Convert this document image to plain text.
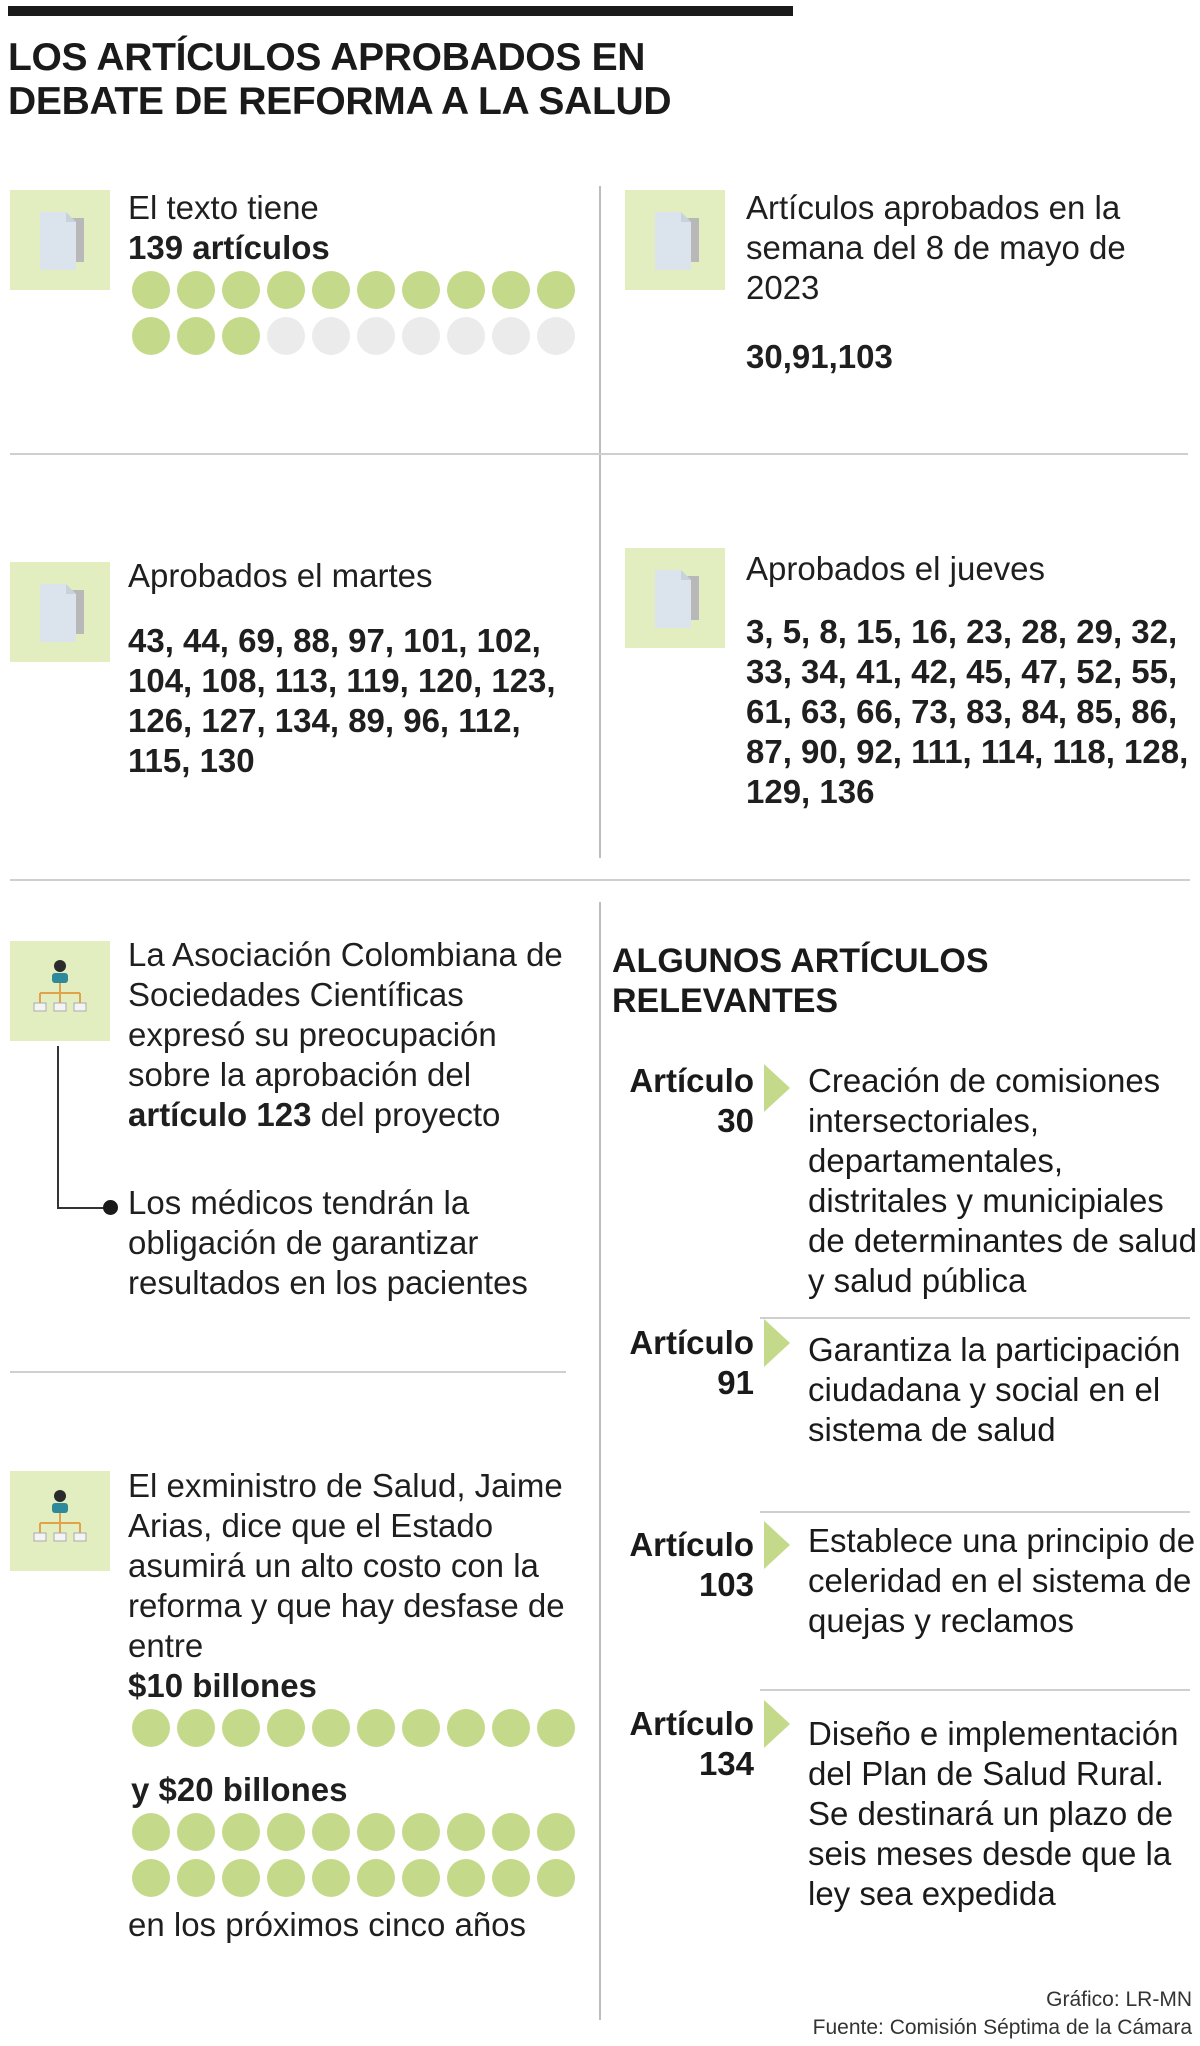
LOS ARTÍCULOS APROBADOS EN DEBATE DE REFORMA A LA SALUD
El texto tiene
139 artículos
Artículos aprobados en la semana del 8 de mayo de 2023
30,91,103
Aprobados el martes
43, 44, 69, 88, 97, 101, 102, 104, 108, 113, 119, 120, 123, 126, 127, 134, 89, 96, 112, 115, 130
Aprobados el jueves
3, 5, 8, 15, 16, 23, 28, 29, 32, 33, 34, 41, 42, 45, 47, 52, 55, 61, 63, 66, 73, 83, 84, 85, 86, 87, 90, 92, 111, 114, 118, 128, 129, 136
La Asociación Colombiana de Sociedades Científicas expresó su preocupación sobre la aprobación del artículo 123 del proyecto
Los médicos tendrán la obligación de garantizar resultados en los pacientes
El exministro de Salud, Jaime Arias, dice que el Estado asumirá un alto costo con la reforma y que hay desfase de entre
$10 billones
y $20 billones
en los próximos cinco años
ALGUNOS ARTÍCULOS RELEVANTES
Artículo
30
Creación de comisiones intersectoriales, departamentales, distritales y municipiales de determinantes de salud y salud pública
Artículo
91
Garantiza la participación ciudadana y social en el sistema de salud
Artículo
103
Establece una principio de celeridad en el sistema de quejas y reclamos
Artículo
134
Diseño e implementación del Plan de Salud Rural. Se destinará un plazo de seis meses desde que la ley sea expedida
Gráfico: LR-MN
Fuente: Comisión Séptima de la Cámara
